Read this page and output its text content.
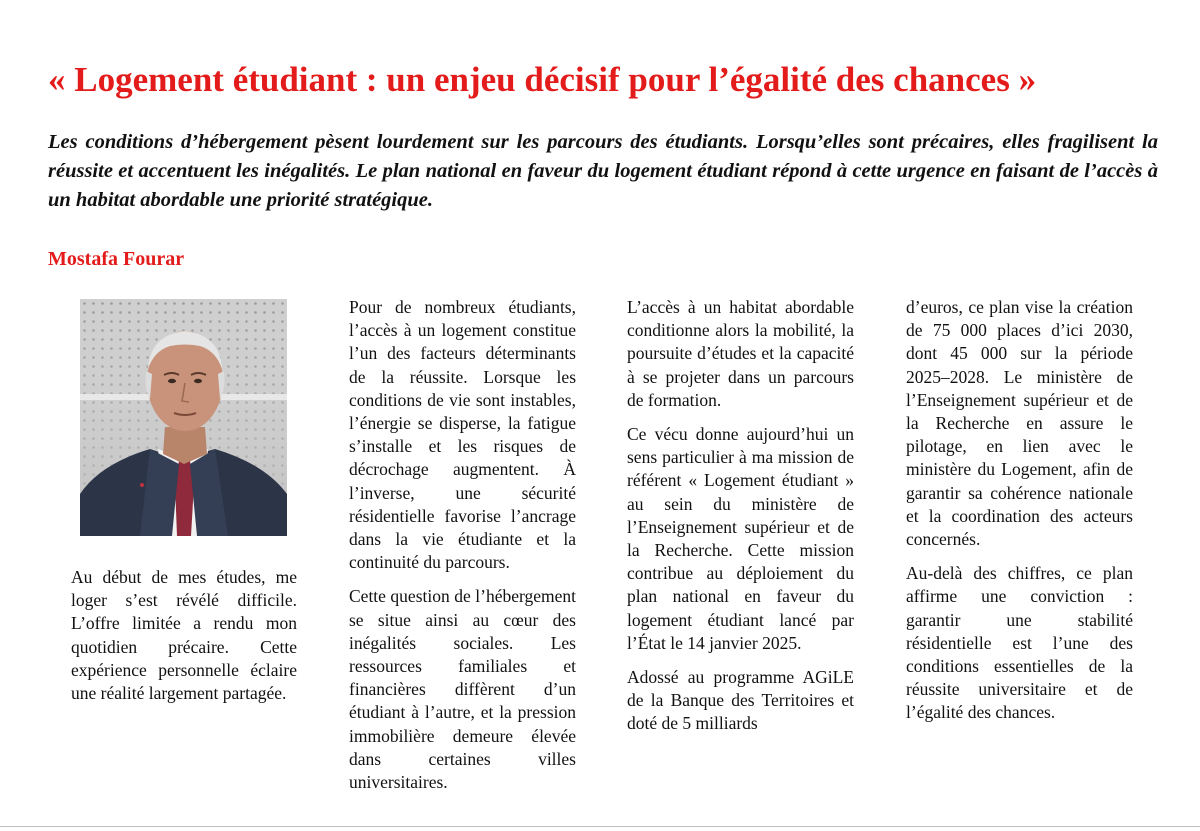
« Logement étudiant : un enjeu décisif pour l’égalité des chances »

Les conditions d’hébergement pèsent lourdement sur les parcours des étudiants. Lorsqu’elles sont précaires, elles fragilisent la réussite et accentuent les inégalités. Le plan national en faveur du logement étudiant répond à cette urgence en faisant de l’accès à un habitat abordable une priorité stratégique.

Mostafa Fourar

Au début de mes études, me loger s’est révélé difficile. L’offre limitée a rendu mon quotidien précaire. Cette expérience personnelle éclaire une réalité largement partagée.

Pour de nombreux étudiants, l’accès à un logement constitue l’un des facteurs déterminants de la réussite. Lorsque les conditions de vie sont instables, l’énergie se disperse, la fatigue s’installe et les risques de décrochage augmentent. À l’inverse, une sécurité résidentielle favorise l’ancrage dans la vie étudiante et la continuité du parcours.

Cette question de l’hébergement se situe ainsi au cœur des inégalités sociales. Les ressources familiales et financières diffèrent d’un étudiant à l’autre, et la pression immobilière demeure élevée dans certaines villes universitaires.

L’accès à un habitat abordable conditionne alors la mobilité, la poursuite d’études et la capacité à se projeter dans un parcours de formation.

Ce vécu donne aujourd’hui un sens particulier à ma mission de référent « Logement étudiant » au sein du ministère de l’Enseignement supérieur et de la Recherche. Cette mission contribue au déploiement du plan national en faveur du logement étudiant lancé par l’État le 14 janvier 2025.

Adossé au programme AGiLE de la Banque des Territoires et doté de 5 milliards

d’euros, ce plan vise la création de 75 000 places d’ici 2030, dont 45 000 sur la période 2025–2028. Le ministère de l’Enseignement supérieur et de la Recherche en assure le pilotage, en lien avec le ministère du Logement, afin de garantir sa cohérence nationale et la coordination des acteurs concernés.

Au-delà des chiffres, ce plan affirme une conviction : garantir une stabilité résidentielle est l’une des conditions essentielles de la réussite universitaire et de l’égalité des chances.
